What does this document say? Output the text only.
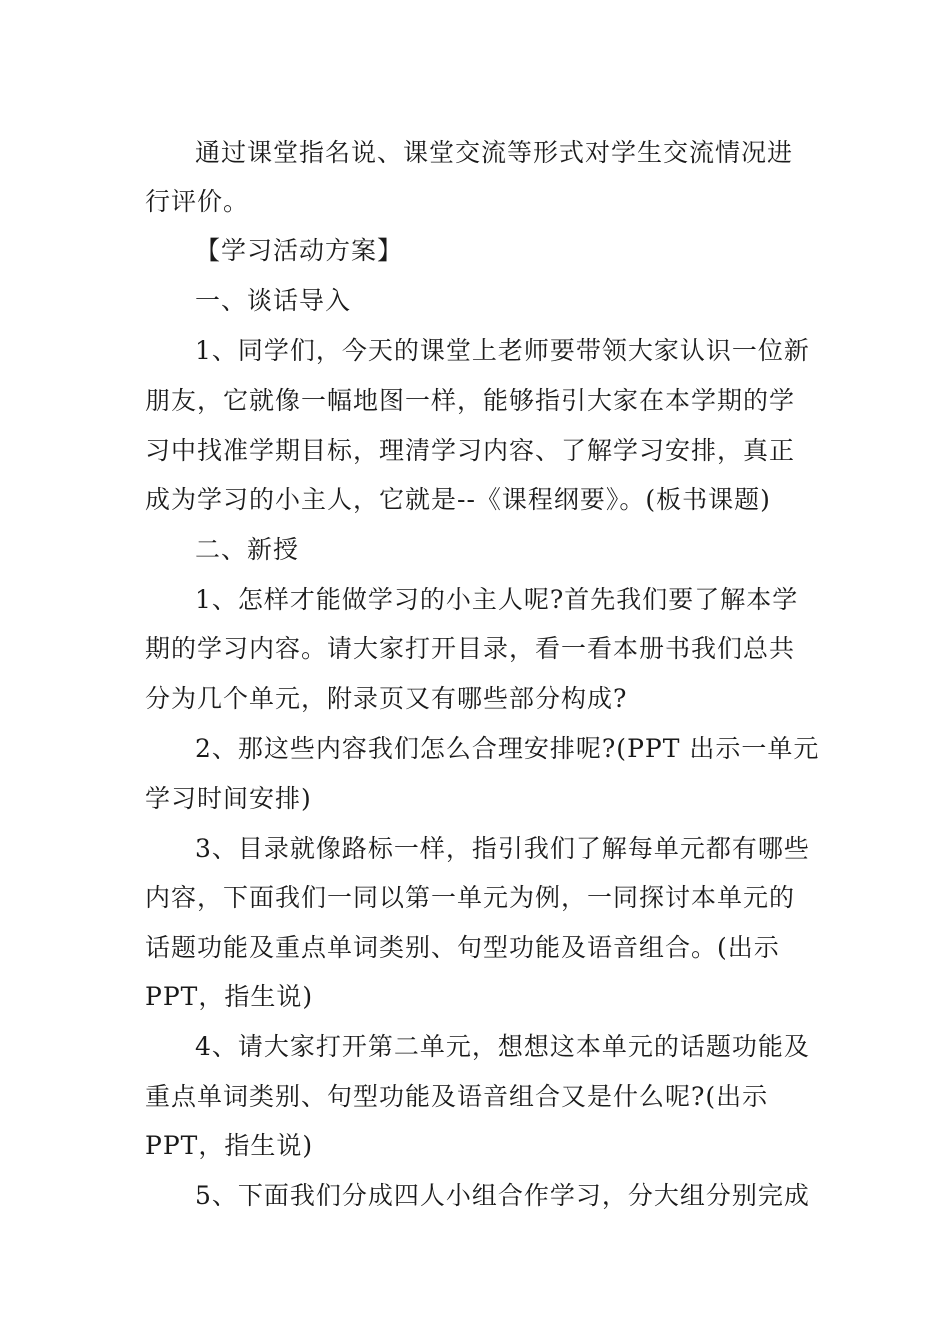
通过课堂指名说、课堂交流等形式对学生交流情况进
行评价。
【学习活动方案】
一、谈话导入
1、同学们，今天的课堂上老师要带领大家认识一位新
朋友，它就像一幅地图一样，能够指引大家在本学期的学
习中找准学期目标，理清学习内容、了解学习安排，真正
成为学习的小主人，它就是--《课程纲要》。(板书课题)
二、新授
1、怎样才能做学习的小主人呢?首先我们要了解本学
期的学习内容。请大家打开目录，看一看本册书我们总共
分为几个单元，附录页又有哪些部分构成?
2、那这些内容我们怎么合理安排呢?(PPT 出示一单元
学习时间安排)
3、目录就像路标一样，指引我们了解每单元都有哪些
内容，下面我们一同以第一单元为例，一同探讨本单元的
话题功能及重点单词类别、句型功能及语音组合。(出示
PPT，指生说)
4、请大家打开第二单元，想想这本单元的话题功能及
重点单词类别、句型功能及语音组合又是什么呢?(出示
PPT，指生说)
5、下面我们分成四人小组合作学习，分大组分别完成
